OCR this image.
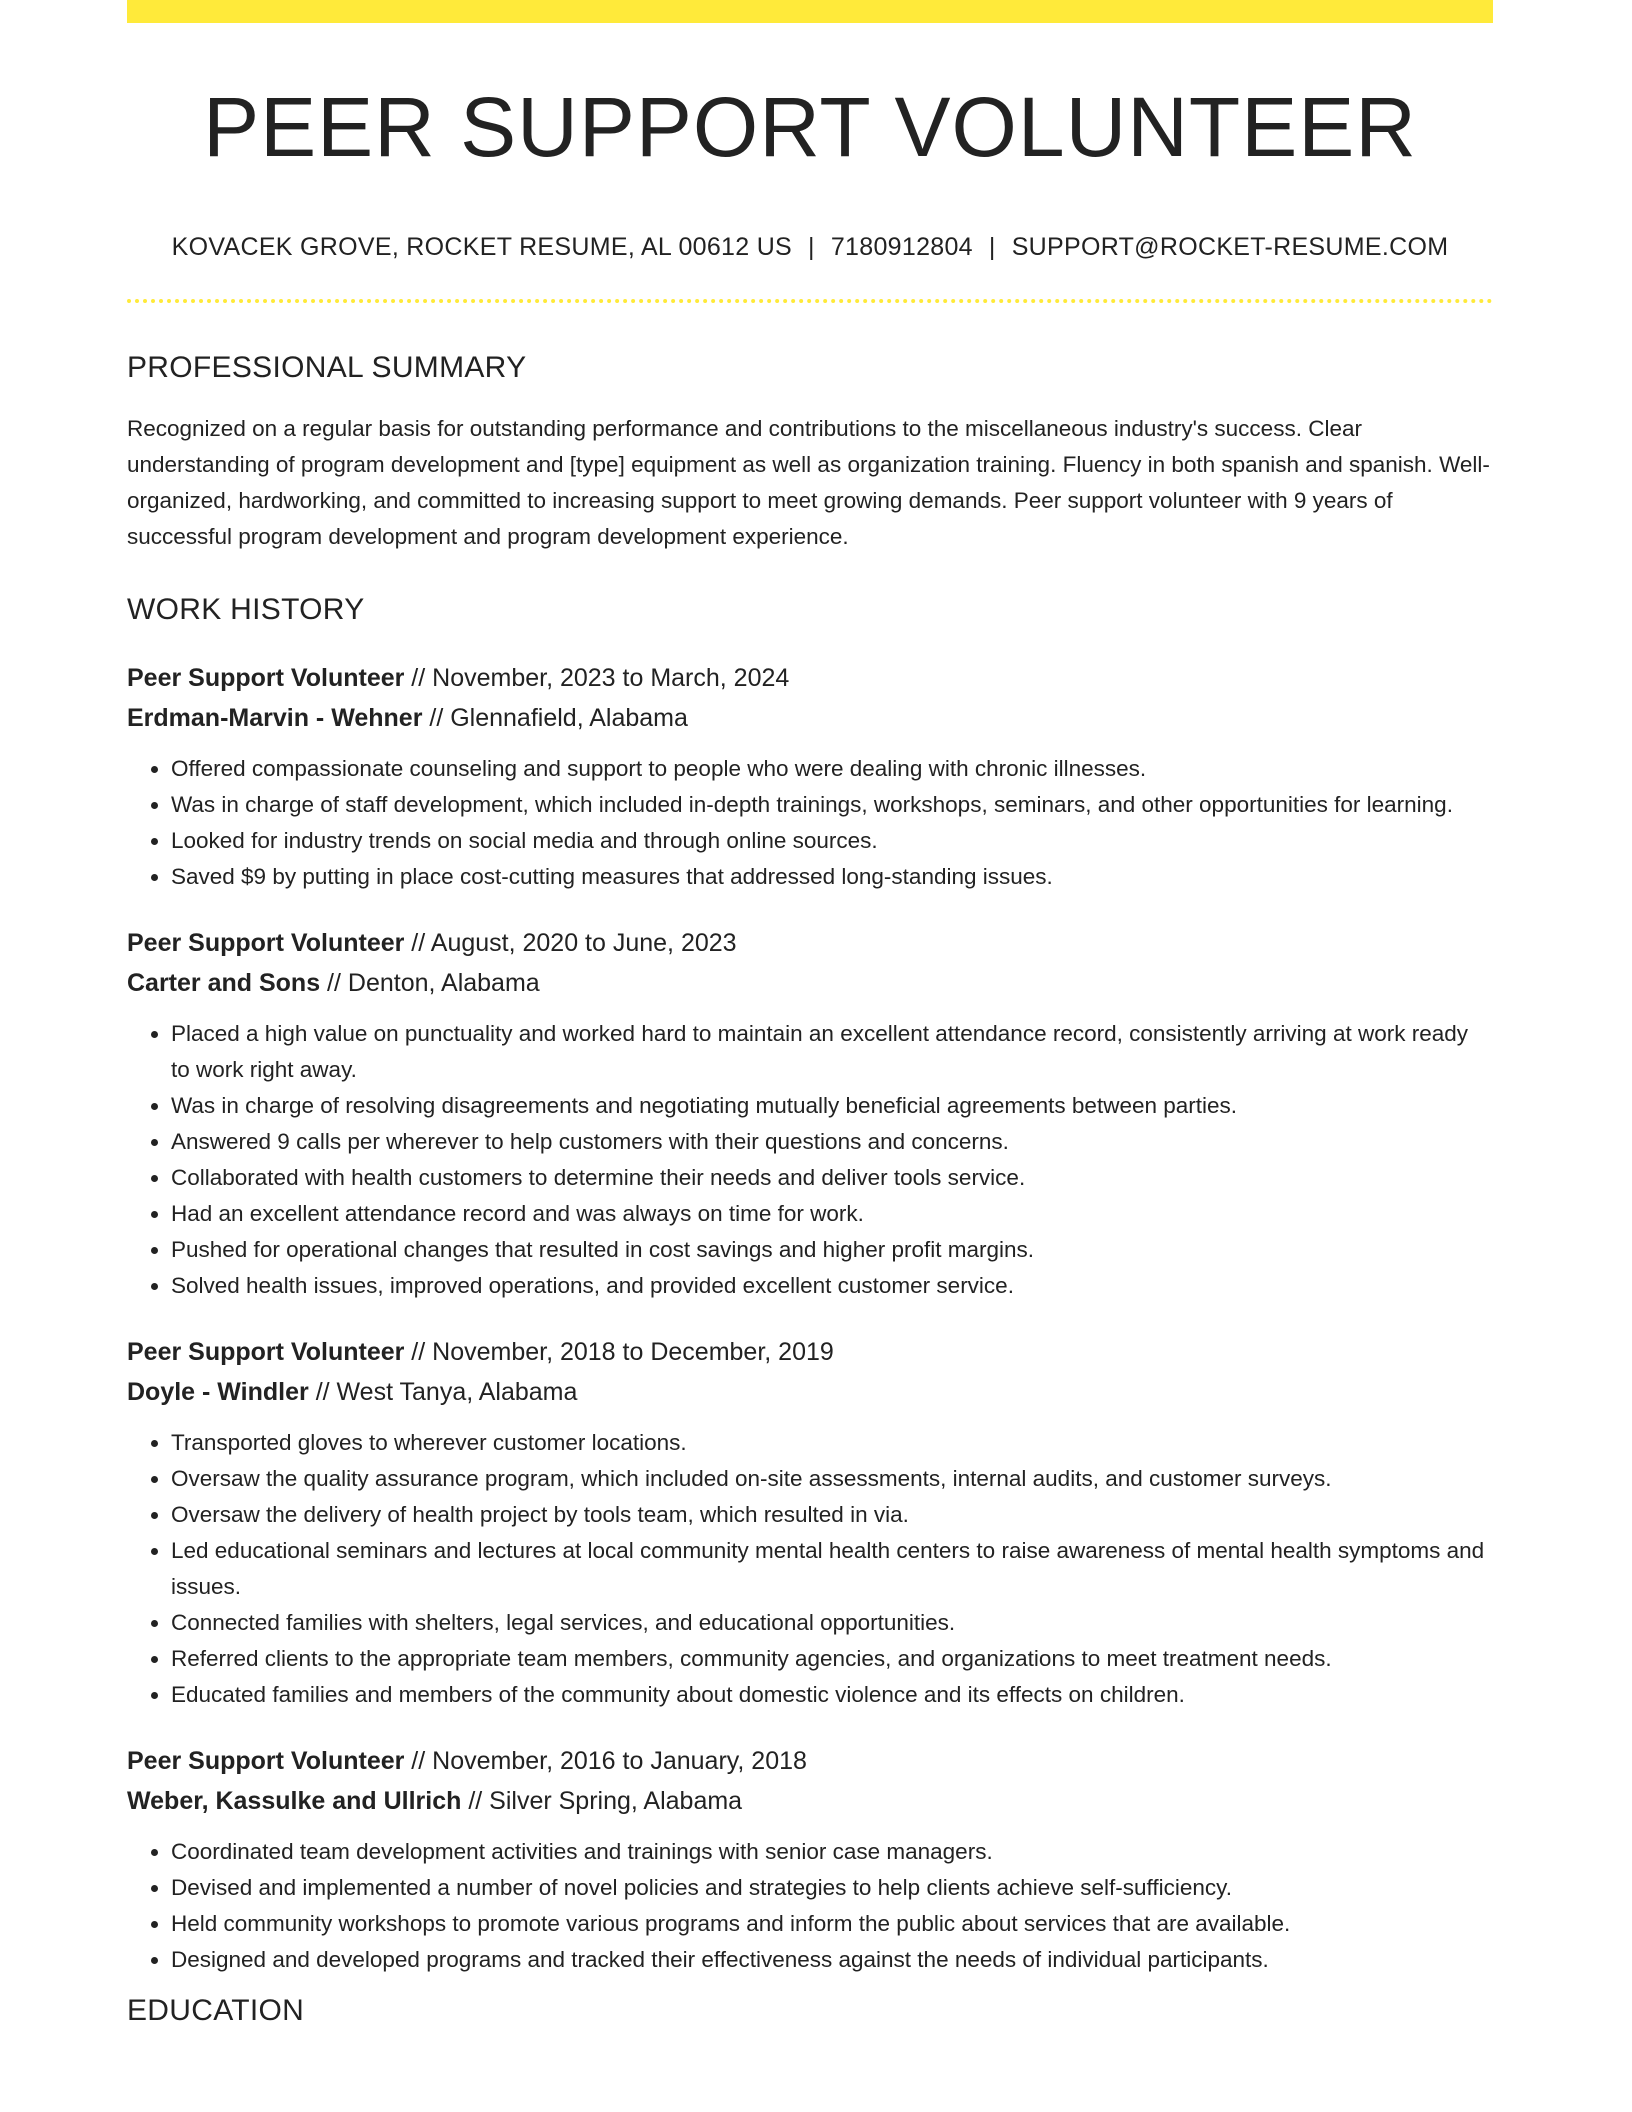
PEER SUPPORT VOLUNTEER
KOVACEK GROVE, ROCKET RESUME, AL 00612 US | 7180912804 | SUPPORT@ROCKET-RESUME.COM
PROFESSIONAL SUMMARY

Recognized on a regular basis for outstanding performance and contributions to the miscellaneous industry's success. Clear understanding of program development and [type] equipment as well as organization training. Fluency in both spanish and spanish. Well-organized, hardworking, and committed to increasing support to meet growing demands. Peer support volunteer with 9 years of successful program development and program development experience.

WORK HISTORY
Peer Support Volunteer // November, 2023 to March, 2024
Erdman-Marvin - Wehner // Glennafield, Alabama
• Offered compassionate counseling and support to people who were dealing with chronic illnesses.
• Was in charge of staff development, which included in-depth trainings, workshops, seminars, and other opportunities for learning.
• Looked for industry trends on social media and through online sources.
• Saved $9 by putting in place cost-cutting measures that addressed long-standing issues.
Peer Support Volunteer // August, 2020 to June, 2023
Carter and Sons // Denton, Alabama
• Placed a high value on punctuality and worked hard to maintain an excellent attendance record, consistently arriving at work ready to work right away.
• Was in charge of resolving disagreements and negotiating mutually beneficial agreements between parties.
• Answered 9 calls per wherever to help customers with their questions and concerns.
• Collaborated with health customers to determine their needs and deliver tools service.
• Had an excellent attendance record and was always on time for work.
• Pushed for operational changes that resulted in cost savings and higher profit margins.
• Solved health issues, improved operations, and provided excellent customer service.
Peer Support Volunteer // November, 2018 to December, 2019
Doyle - Windler // West Tanya, Alabama
• Transported gloves to wherever customer locations.
• Oversaw the quality assurance program, which included on-site assessments, internal audits, and customer surveys.
• Oversaw the delivery of health project by tools team, which resulted in via.
• Led educational seminars and lectures at local community mental health centers to raise awareness of mental health symptoms and issues.
• Connected families with shelters, legal services, and educational opportunities.
• Referred clients to the appropriate team members, community agencies, and organizations to meet treatment needs.
• Educated families and members of the community about domestic violence and its effects on children.
Peer Support Volunteer // November, 2016 to January, 2018
Weber, Kassulke and Ullrich // Silver Spring, Alabama
• Coordinated team development activities and trainings with senior case managers.
• Devised and implemented a number of novel policies and strategies to help clients achieve self-sufficiency.
• Held community workshops to promote various programs and inform the public about services that are available.
• Designed and developed programs and tracked their effectiveness against the needs of individual participants.
EDUCATION
